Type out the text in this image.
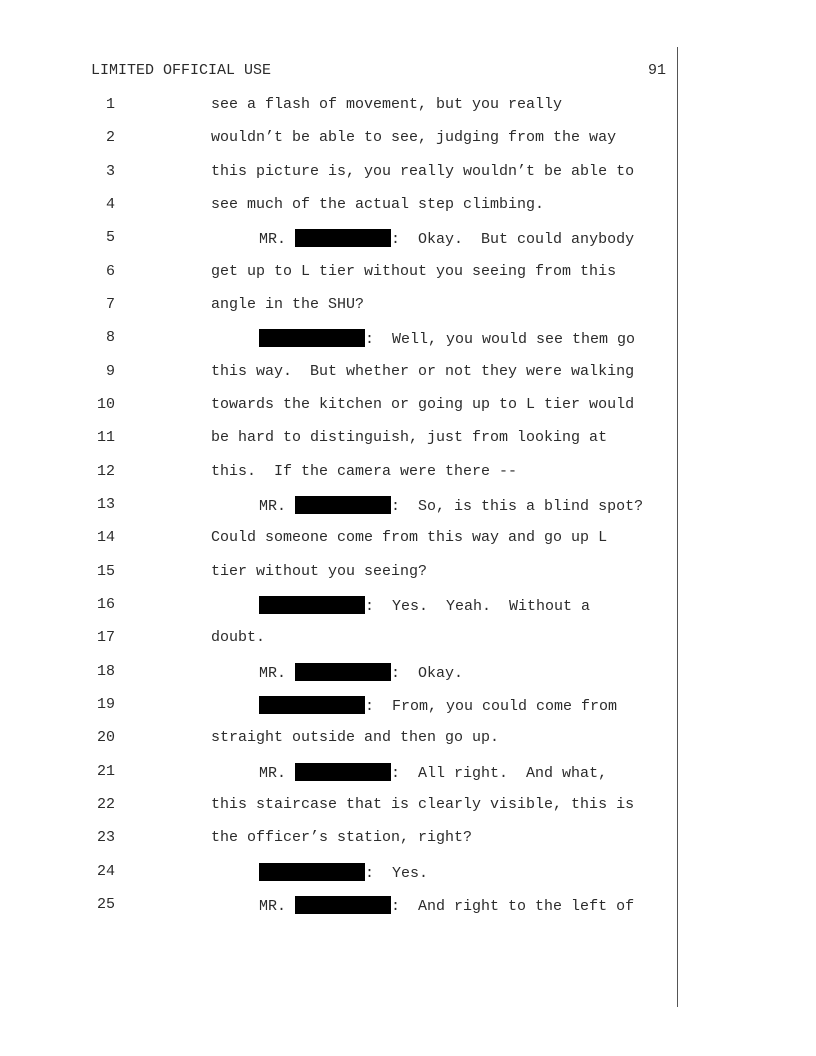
LIMITED OFFICIAL USE	91
1	see a flash of movement, but you really
2	wouldn’t be able to see, judging from the way
3	this picture is, you really wouldn’t be able to
4	see much of the actual step climbing.
5	MR.	:  Okay.  But could anybody
6	get up to L tier without you seeing from this
7	angle in the SHU?
8	:  Well, you would see them go
9	this way.  But whether or not they were walking
10	towards the kitchen or going up to L tier would
11	be hard to distinguish, just from looking at
12	this.  If the camera were there --
13	MR.	:  So, is this a blind spot?
14	Could someone come from this way and go up L
15	tier without you seeing?
16	:  Yes.  Yeah.  Without a
17	doubt.
18	MR.	:  Okay.
19	:  From, you could come from
20	straight outside and then go up.
21	MR.	:  All right.  And what,
22	this staircase that is clearly visible, this is
23	the officer’s station, right?
24	:  Yes.
25	MR.	:  And right to the left of
